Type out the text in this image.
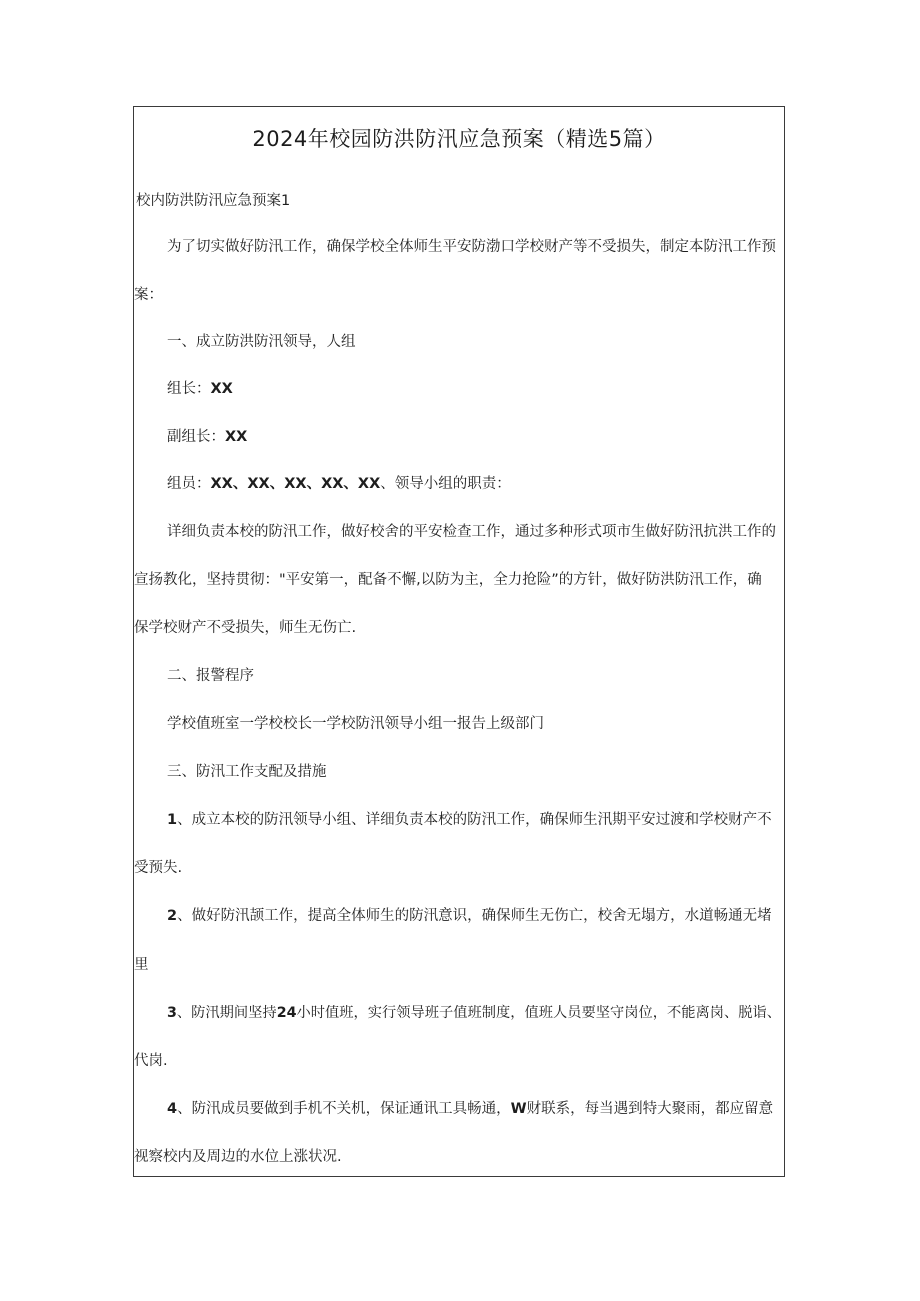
2024年校园防洪防汛应急预案（精选5篇）

校内防洪防汛应急预案1

为了切实做好防汛工作，确保学校全体师生平安防渤口学校财产等不受损失，制定本防汛工作预

案：

一、成立防洪防汛领导，人组

组长：XX

副组长：XX

组员：XX、XX、XX、XX、XX、领导小组的职责：

详细负责本校的防汛工作，做好校舍的平安检查工作，通过多种形式项市生做好防汛抗洪工作的

宣扬教化，坚持贯彻："平安第一，配备不懈,以防为主，全力抢险”的方针，做好防洪防汛工作，确

保学校财产不受损失，师生无伤亡.

二、报警程序

学校值班室一学校校长一学校防汛领导小组一报告上级部门

三、防汛工作支配及措施

1、成立本校的防汛领导小组、详细负责本校的防汛工作，确保师生汛期平安过渡和学校财产不

受预失.

2、做好防汛颉工作，提高全体师生的防汛意识，确保师生无伤亡，校舍无塌方，水道畅通无堵

里

3、防汛期间坚持24小时值班，实行领导班子值班制度，值班人员要坚守岗位，不能离岗、脱诣、

代岗.

4、防汛成员要做到手机不关机，保证通讯工具畅通，W财联系，每当遇到特大聚雨，都应留意

视察校内及周边的水位上涨状况.
